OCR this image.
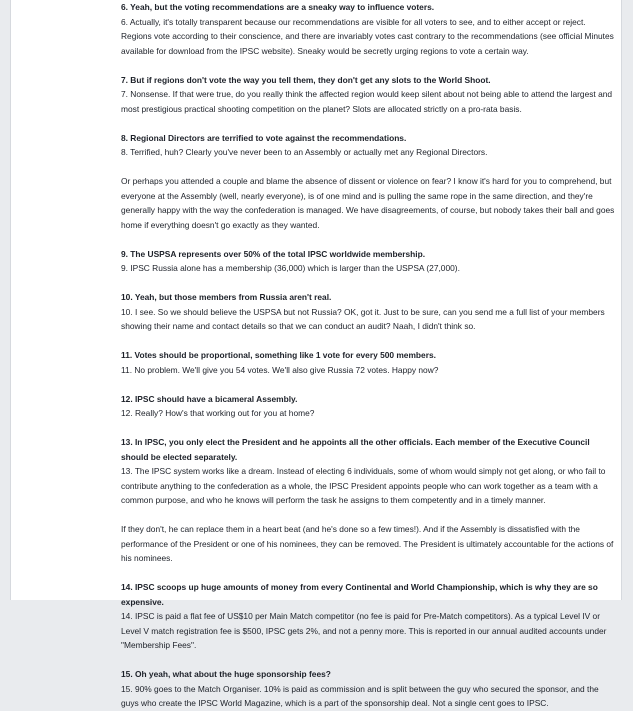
6. Yeah, but the voting recommendations are a sneaky way to influence voters.

6. Actually, it's totally transparent because our recommendations are visible for all voters to see, and to either accept or reject. Regions vote according to their conscience, and there are invariably votes cast contrary to the recommendations (see official Minutes available for download from the IPSC website). Sneaky would be secretly urging regions to vote a certain way.

7. But if regions don't vote the way you tell them, they don't get any slots to the World Shoot.

7. Nonsense. If that were true, do you really think the affected region would keep silent about not being able to attend the largest and most prestigious practical shooting competition on the planet? Slots are allocated strictly on a pro-rata basis.

8. Regional Directors are terrified to vote against the recommendations.

8. Terrified, huh? Clearly you've never been to an Assembly or actually met any Regional Directors.

Or perhaps you attended a couple and blame the absence of dissent or violence on fear? I know it's hard for you to comprehend, but everyone at the Assembly (well, nearly everyone), is of one mind and is pulling the same rope in the same direction, and they're generally happy with the way the confederation is managed. We have disagreements, of course, but nobody takes their ball and goes home if everything doesn't go exactly as they wanted.

9. The USPSA represents over 50% of the total IPSC worldwide membership.

9. IPSC Russia alone has a membership (36,000) which is larger than the USPSA (27,000).

10. Yeah, but those members from Russia aren't real.

10. I see. So we should believe the USPSA but not Russia? OK, got it. Just to be sure, can you send me a full list of your members showing their name and contact details so that we can conduct an audit? Naah, I didn't think so.

11. Votes should be proportional, something like 1 vote for every 500 members.

11. No problem. We'll give you 54 votes. We'll also give Russia 72 votes. Happy now?

12. IPSC should have a bicameral Assembly.

12. Really? How's that working out for you at home?

13. In IPSC, you only elect the President and he appoints all the other officials. Each member of the Executive Council should be elected separately.

13. The IPSC system works like a dream. Instead of electing 6 individuals, some of whom would simply not get along, or who fail to contribute anything to the confederation as a whole, the IPSC President appoints people who can work together as a team with a common purpose, and who he knows will perform the task he assigns to them competently and in a timely manner.

If they don't, he can replace them in a heart beat (and he's done so a few times!). And if the Assembly is dissatisfied with the performance of the President or one of his nominees, they can be removed. The President is ultimately accountable for the actions of his nominees.

14. IPSC scoops up huge amounts of money from every Continental and World Championship, which is why they are so expensive.

14. IPSC is paid a flat fee of US$10 per Main Match competitor (no fee is paid for Pre-Match competitors). As a typical Level IV or Level V match registration fee is $500, IPSC gets 2%, and not a penny more. This is reported in our annual audited accounts under "Membership Fees".

15. Oh yeah, what about the huge sponsorship fees?

15. 90% goes to the Match Organiser. 10% is paid as commission and is split between the guy who secured the sponsor, and the guys who create the IPSC World Magazine, which is a part of the sponsorship deal. Not a single cent goes to IPSC.
